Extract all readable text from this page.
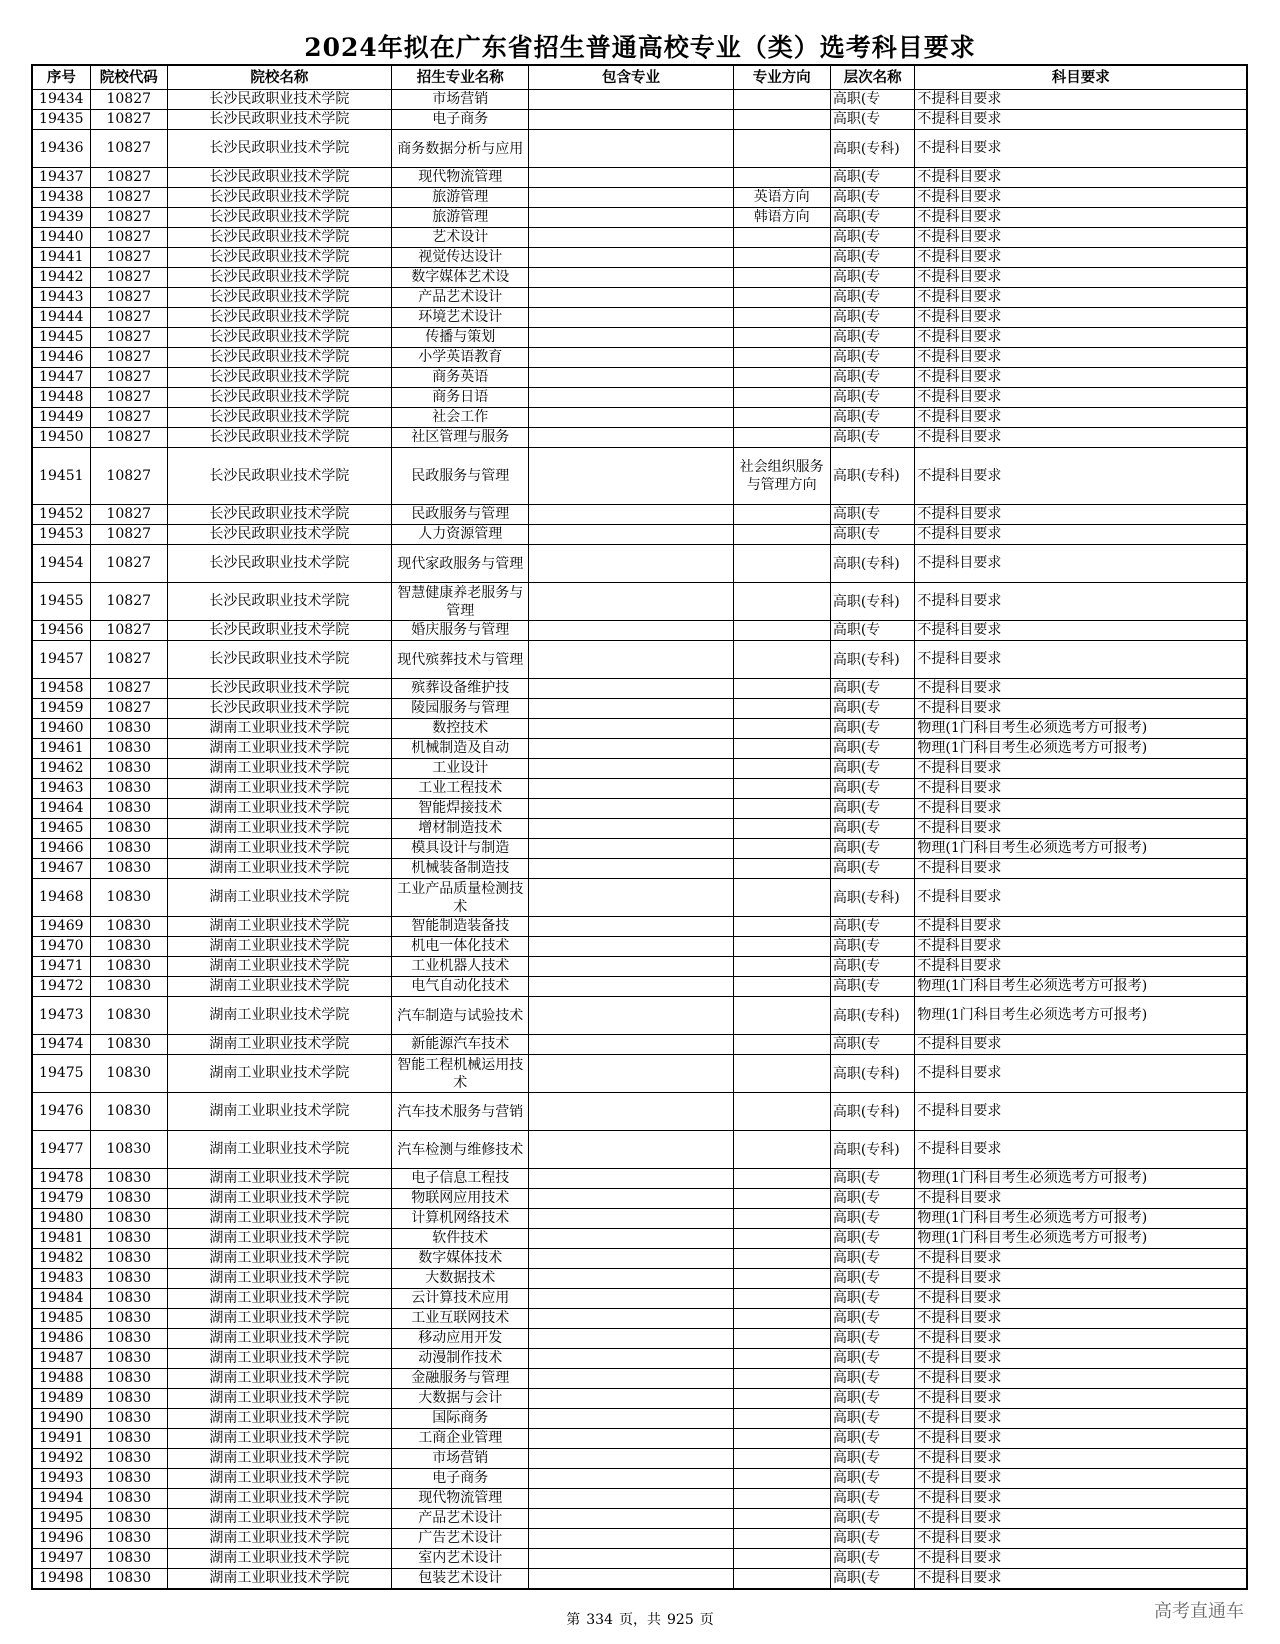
2024年拟在广东省招生普通高校专业（类）选考科目要求
序号	院校代码	院校名称	招生专业名称	包含专业	专业方向	层次名称	科目要求
19434	10827	长沙民政职业技术学院	市场营销			高职(专	不提科目要求
19435	10827	长沙民政职业技术学院	电子商务			高职(专	不提科目要求
19436	10827	长沙民政职业技术学院	商务数据分析与应用			高职(专科)	不提科目要求
19437	10827	长沙民政职业技术学院	现代物流管理			高职(专	不提科目要求
19438	10827	长沙民政职业技术学院	旅游管理		英语方向	高职(专	不提科目要求
19439	10827	长沙民政职业技术学院	旅游管理		韩语方向	高职(专	不提科目要求
19440	10827	长沙民政职业技术学院	艺术设计			高职(专	不提科目要求
19441	10827	长沙民政职业技术学院	视觉传达设计			高职(专	不提科目要求
19442	10827	长沙民政职业技术学院	数字媒体艺术设			高职(专	不提科目要求
19443	10827	长沙民政职业技术学院	产品艺术设计			高职(专	不提科目要求
19444	10827	长沙民政职业技术学院	环境艺术设计			高职(专	不提科目要求
19445	10827	长沙民政职业技术学院	传播与策划			高职(专	不提科目要求
19446	10827	长沙民政职业技术学院	小学英语教育			高职(专	不提科目要求
19447	10827	长沙民政职业技术学院	商务英语			高职(专	不提科目要求
19448	10827	长沙民政职业技术学院	商务日语			高职(专	不提科目要求
19449	10827	长沙民政职业技术学院	社会工作			高职(专	不提科目要求
19450	10827	长沙民政职业技术学院	社区管理与服务			高职(专	不提科目要求
19451	10827	长沙民政职业技术学院	民政服务与管理		社会组织服务与管理方向	高职(专科)	不提科目要求
19452	10827	长沙民政职业技术学院	民政服务与管理			高职(专	不提科目要求
19453	10827	长沙民政职业技术学院	人力资源管理			高职(专	不提科目要求
19454	10827	长沙民政职业技术学院	现代家政服务与管理			高职(专科)	不提科目要求
19455	10827	长沙民政职业技术学院	智慧健康养老服务与管理			高职(专科)	不提科目要求
19456	10827	长沙民政职业技术学院	婚庆服务与管理			高职(专	不提科目要求
19457	10827	长沙民政职业技术学院	现代殡葬技术与管理			高职(专科)	不提科目要求
19458	10827	长沙民政职业技术学院	殡葬设备维护技			高职(专	不提科目要求
19459	10827	长沙民政职业技术学院	陵园服务与管理			高职(专	不提科目要求
19460	10830	湖南工业职业技术学院	数控技术			高职(专	物理(1门科目考生必须选考方可报考)
19461	10830	湖南工业职业技术学院	机械制造及自动			高职(专	物理(1门科目考生必须选考方可报考)
19462	10830	湖南工业职业技术学院	工业设计			高职(专	不提科目要求
19463	10830	湖南工业职业技术学院	工业工程技术			高职(专	不提科目要求
19464	10830	湖南工业职业技术学院	智能焊接技术			高职(专	不提科目要求
19465	10830	湖南工业职业技术学院	增材制造技术			高职(专	不提科目要求
19466	10830	湖南工业职业技术学院	模具设计与制造			高职(专	物理(1门科目考生必须选考方可报考)
19467	10830	湖南工业职业技术学院	机械装备制造技			高职(专	不提科目要求
19468	10830	湖南工业职业技术学院	工业产品质量检测技术			高职(专科)	不提科目要求
19469	10830	湖南工业职业技术学院	智能制造装备技			高职(专	不提科目要求
19470	10830	湖南工业职业技术学院	机电一体化技术			高职(专	不提科目要求
19471	10830	湖南工业职业技术学院	工业机器人技术			高职(专	不提科目要求
19472	10830	湖南工业职业技术学院	电气自动化技术			高职(专	物理(1门科目考生必须选考方可报考)
19473	10830	湖南工业职业技术学院	汽车制造与试验技术			高职(专科)	物理(1门科目考生必须选考方可报考)
19474	10830	湖南工业职业技术学院	新能源汽车技术			高职(专	不提科目要求
19475	10830	湖南工业职业技术学院	智能工程机械运用技术			高职(专科)	不提科目要求
19476	10830	湖南工业职业技术学院	汽车技术服务与营销			高职(专科)	不提科目要求
19477	10830	湖南工业职业技术学院	汽车检测与维修技术			高职(专科)	不提科目要求
19478	10830	湖南工业职业技术学院	电子信息工程技			高职(专	物理(1门科目考生必须选考方可报考)
19479	10830	湖南工业职业技术学院	物联网应用技术			高职(专	不提科目要求
19480	10830	湖南工业职业技术学院	计算机网络技术			高职(专	物理(1门科目考生必须选考方可报考)
19481	10830	湖南工业职业技术学院	软件技术			高职(专	物理(1门科目考生必须选考方可报考)
19482	10830	湖南工业职业技术学院	数字媒体技术			高职(专	不提科目要求
19483	10830	湖南工业职业技术学院	大数据技术			高职(专	不提科目要求
19484	10830	湖南工业职业技术学院	云计算技术应用			高职(专	不提科目要求
19485	10830	湖南工业职业技术学院	工业互联网技术			高职(专	不提科目要求
19486	10830	湖南工业职业技术学院	移动应用开发			高职(专	不提科目要求
19487	10830	湖南工业职业技术学院	动漫制作技术			高职(专	不提科目要求
19488	10830	湖南工业职业技术学院	金融服务与管理			高职(专	不提科目要求
19489	10830	湖南工业职业技术学院	大数据与会计			高职(专	不提科目要求
19490	10830	湖南工业职业技术学院	国际商务			高职(专	不提科目要求
19491	10830	湖南工业职业技术学院	工商企业管理			高职(专	不提科目要求
19492	10830	湖南工业职业技术学院	市场营销			高职(专	不提科目要求
19493	10830	湖南工业职业技术学院	电子商务			高职(专	不提科目要求
19494	10830	湖南工业职业技术学院	现代物流管理			高职(专	不提科目要求
19495	10830	湖南工业职业技术学院	产品艺术设计			高职(专	不提科目要求
19496	10830	湖南工业职业技术学院	广告艺术设计			高职(专	不提科目要求
19497	10830	湖南工业职业技术学院	室内艺术设计			高职(专	不提科目要求
19498	10830	湖南工业职业技术学院	包装艺术设计			高职(专	不提科目要求
第 334 页，共 925 页	高考直通车
